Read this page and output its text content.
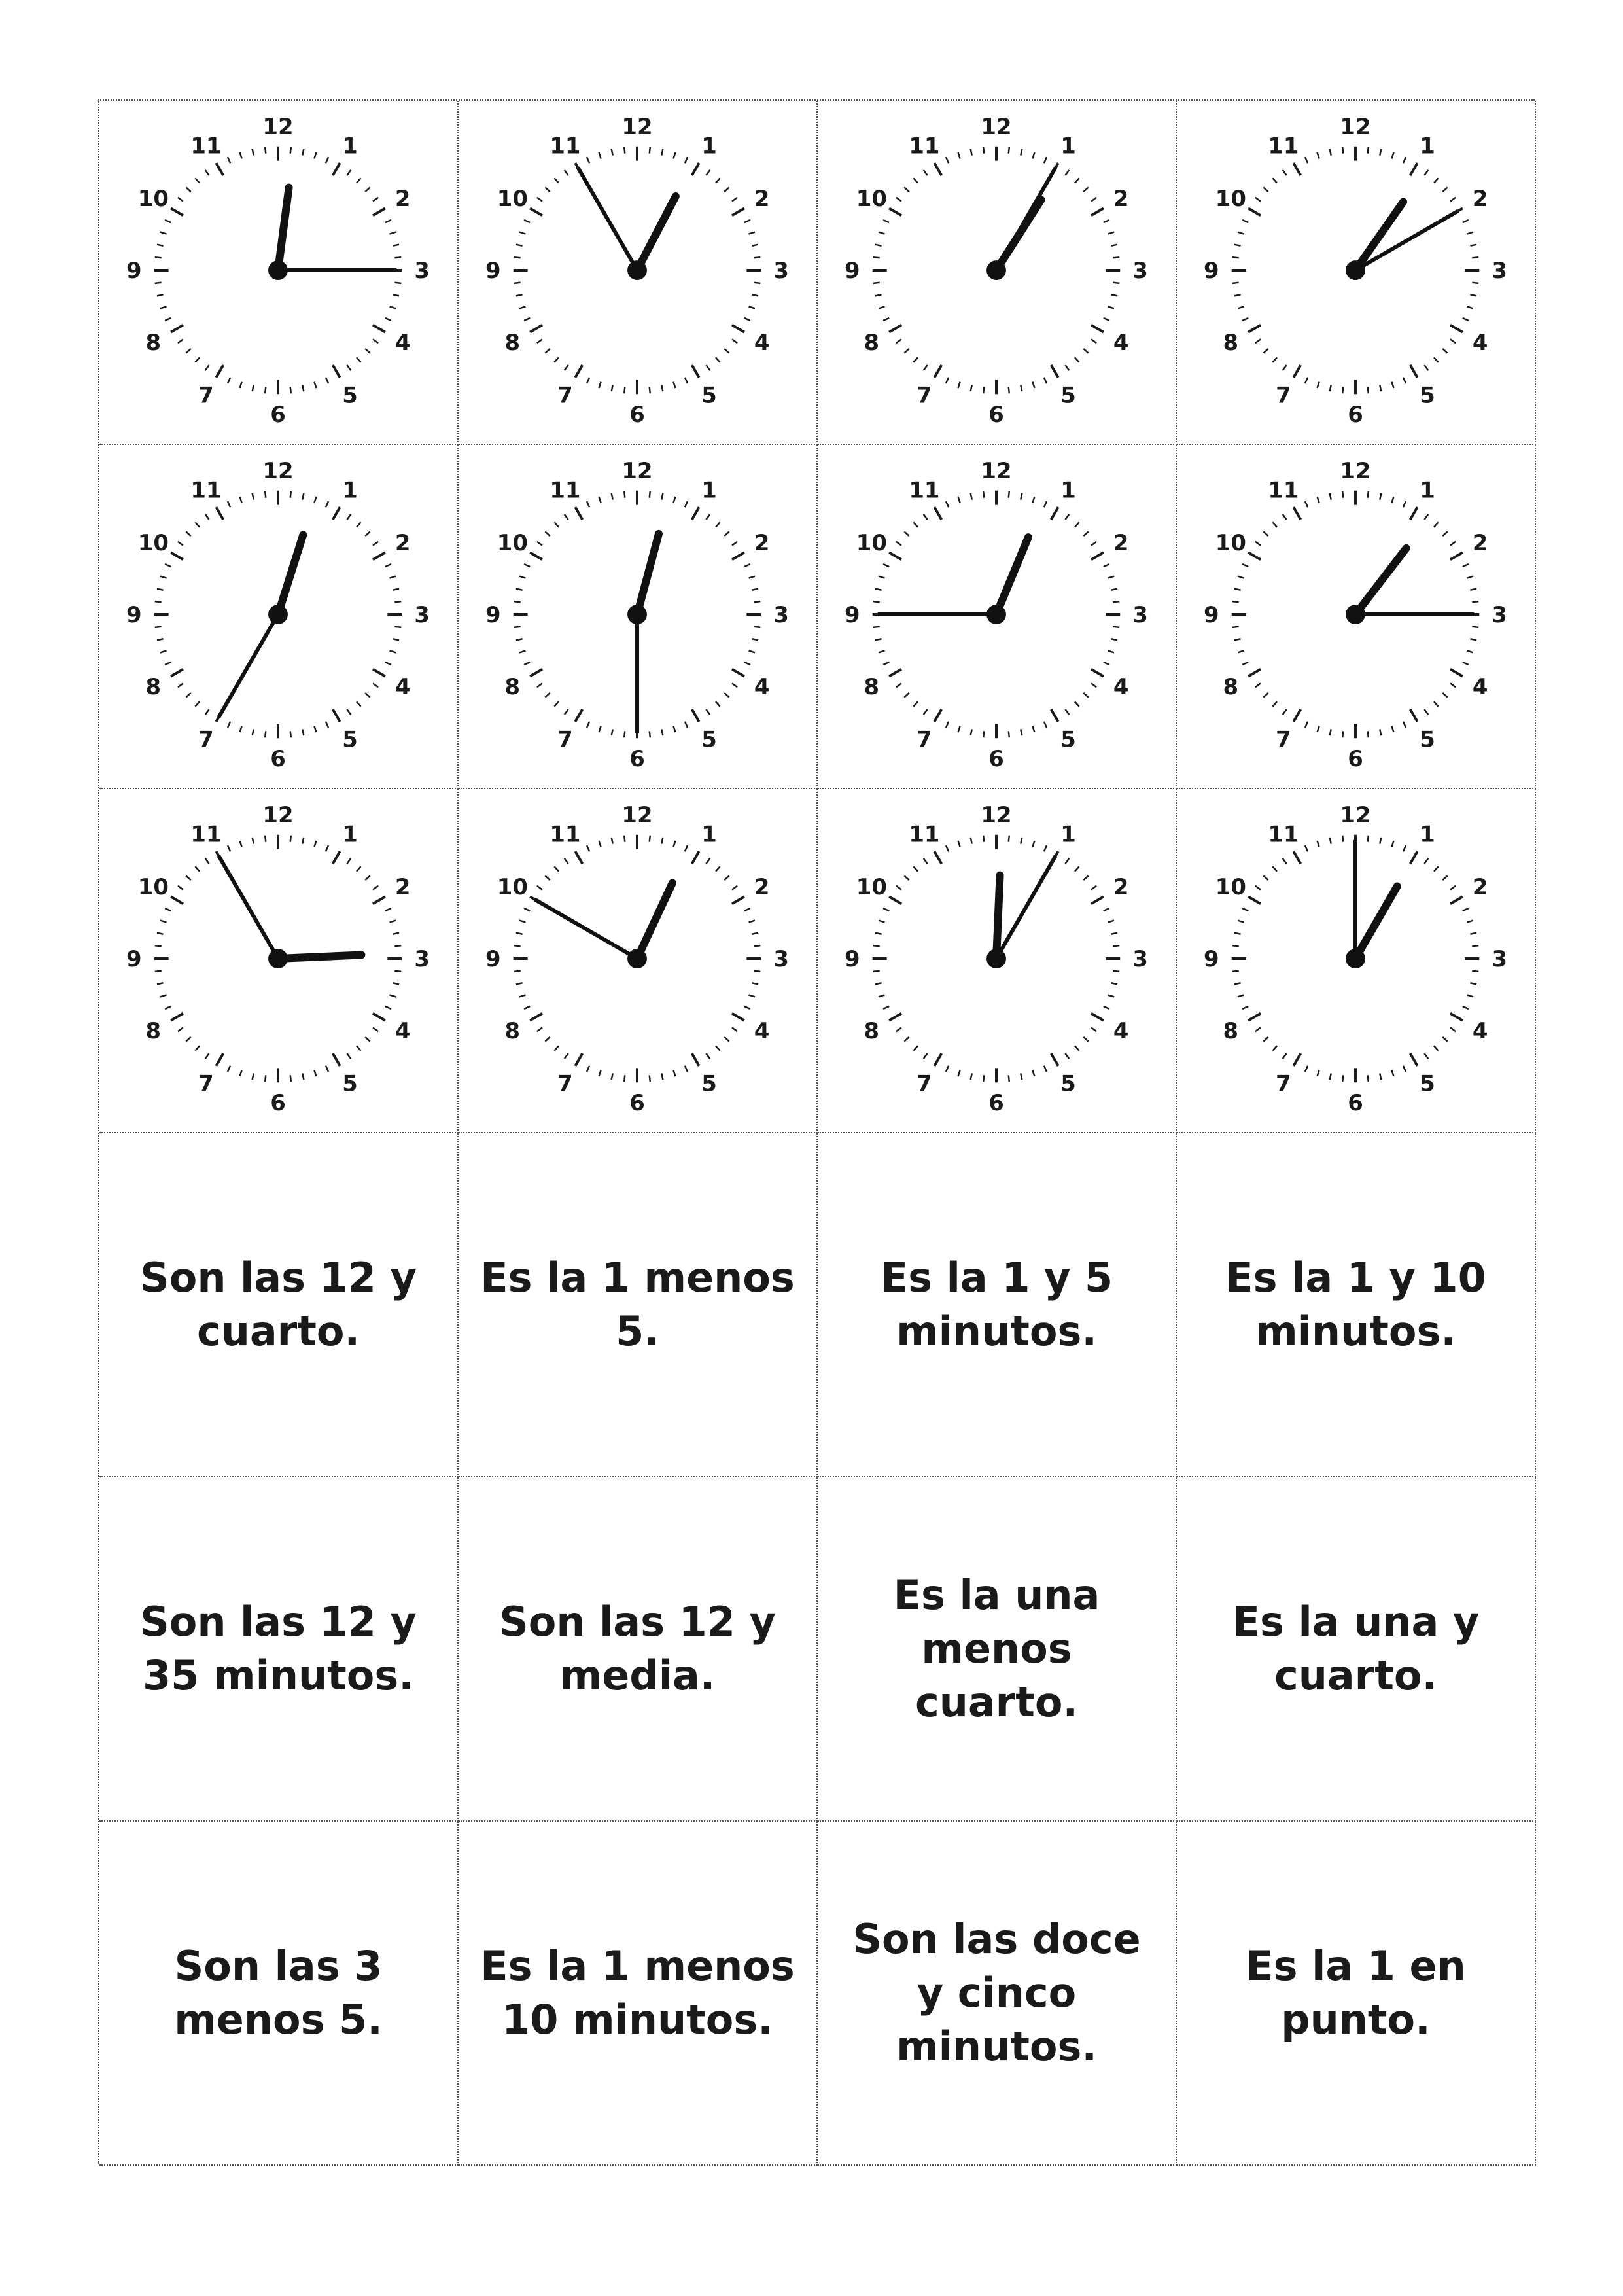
12
1
2
3
4
5
6
7
8
9
10
11
12
1
2
3
4
5
6
7
8
9
10
11
12
1
2
3
4
5
6
7
8
9
10
11
12
1
2
3
4
5
6
7
8
9
10
11
12
1
2
3
4
5
6
7
8
9
10
11
12
1
2
3
4
5
6
7
8
9
10
11
12
1
2
3
4
5
6
7
8
9
10
11
12
1
2
3
4
5
6
7
8
9
10
11
12
1
2
3
4
5
6
7
8
9
10
11
12
1
2
3
4
5
6
7
8
9
10
11
12
1
2
3
4
5
6
7
8
9
10
11
12
1
2
3
4
5
6
7
8
9
10
11
Son las 12 y cuarto.
Es la 1 menos 5.
Es la 1 y 5 minutos.
Es la 1 y 10 minutos.
Son las 12 y 35 minutos.
Son las 12 y media.
Es la una menos cuarto.
Es la una y cuarto.
Son las 3 menos 5.
Es la 1 menos 10 minutos.
Son las doce y cinco minutos.
Es la 1 en punto.
